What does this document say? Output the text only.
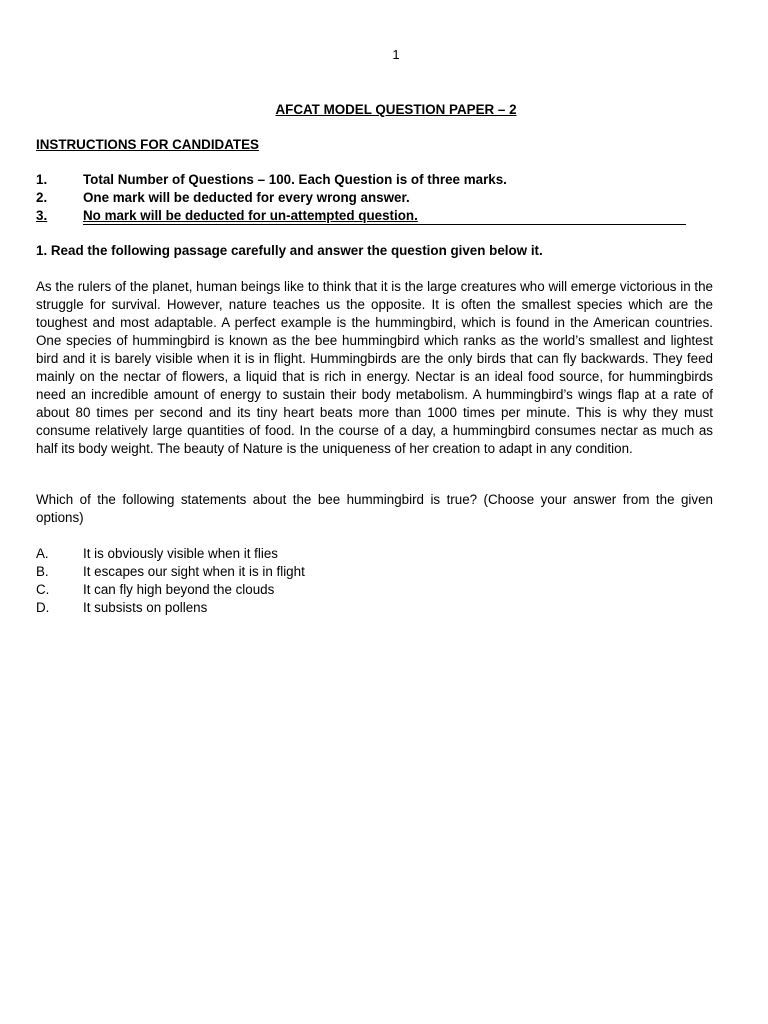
1
AFCAT MODEL QUESTION PAPER – 2
INSTRUCTIONS FOR CANDIDATES
1.	Total Number of Questions – 100. Each Question is of three marks.
2.	One mark will be deducted for every wrong answer.
3.	No mark will be deducted for un-attempted question.
1. Read the following passage carefully and answer the question given below it.

As the rulers of the planet, human beings like to think that it is the large creatures who will emerge victorious in the struggle for survival. However, nature teaches us the opposite. It is often the smallest species which are the toughest and most adaptable. A perfect example is the hummingbird, which is found in the American countries. One species of hummingbird is known as the bee hummingbird which ranks as the world’s smallest and lightest bird and it is barely visible when it is in flight. Hummingbirds are the only birds that can fly backwards. They feed mainly on the nectar of flowers, a liquid that is rich in energy. Nectar is an ideal food source, for hummingbirds need an incredible amount of energy to sustain their body metabolism. A hummingbird’s wings flap at a rate of about 80 times per second and its tiny heart beats more than 1000 times per minute. This is why they must consume relatively large quantities of food. In the course of a day, a hummingbird consumes nectar as much as half its body weight. The beauty of Nature is the uniqueness of her creation to adapt in any condition.

Which of the following statements about the bee hummingbird is true? (Choose your answer from the given options)

A.	It is obviously visible when it flies
B.	It escapes our sight when it is in flight
C.	It can fly high beyond the clouds
D.	It subsists on pollens
